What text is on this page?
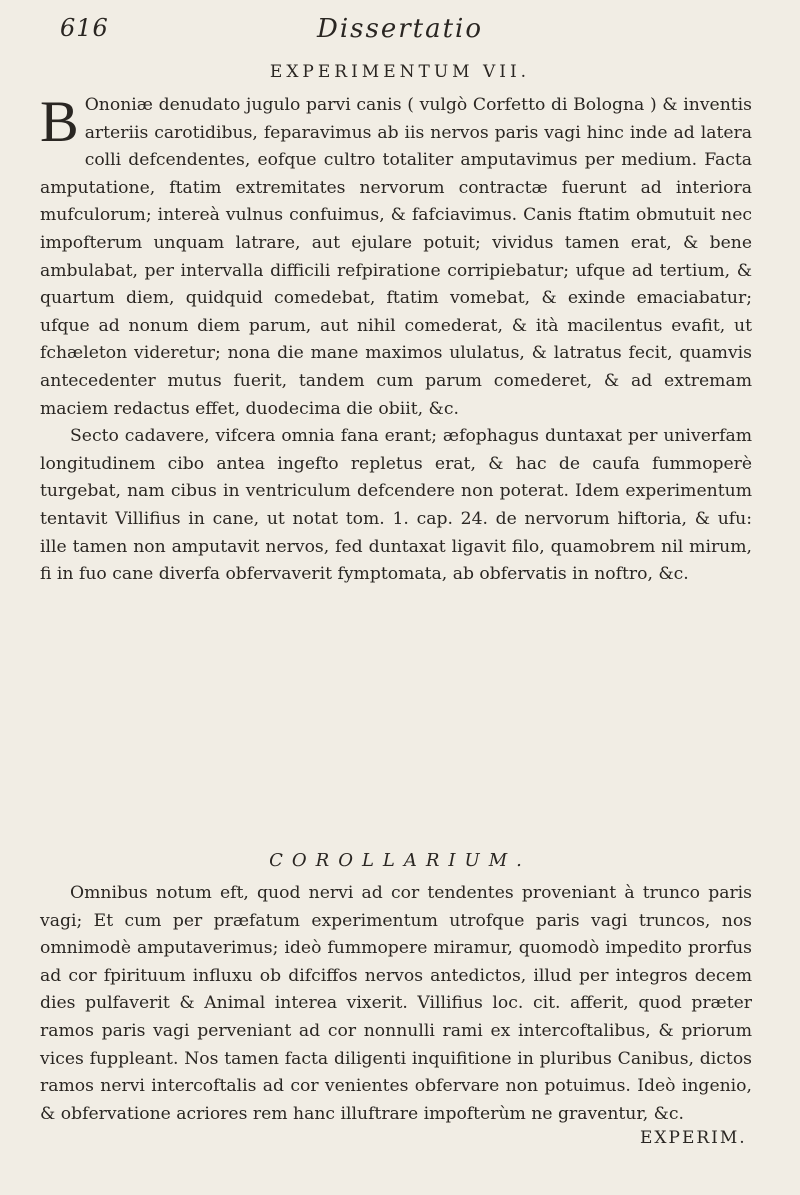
616	Dissertatio
EXPERIMENTUM VII.

B Ononiæ denudato jugulo parvi canis ( vulgò Corfetto di Bologna ) & inventis arteriis carotidibus, feparavimus ab iis nervos paris vagi hinc inde ad latera colli defcendentes, eofque cultro totaliter amputavimus per medium. Facta amputatione, ftatim extremitates nervorum contractæ fuerunt ad interiora mufculorum; intereà vulnus confuimus, & fafciavimus. Canis ftatim obmutuit nec impofterum unquam latrare, aut ejulare potuit; vividus tamen erat, & bene ambulabat, per intervalla difficili refpiratione corripiebatur; ufque ad tertium, & quartum diem, quidquid comedebat, ftatim vomebat, & exinde emaciabatur; ufque ad nonum diem parum, aut nihil comederat, & ità macilentus evafit, ut fchæleton videretur; nona die mane maximos ululatus, & latratus fecit, quamvis antecedenter mutus fuerit, tandem cum parum comederet, & ad extremam maciem redactus effet, duodecima die obiit, &c.

Secto cadavere, vifcera omnia fana erant; æfophagus duntaxat per univerfam longitudinem cibo antea ingefto repletus erat, & hac de caufa fummoperè turgebat, nam cibus in ventriculum defcendere non poterat. Idem experimentum tentavit Villifius in cane, ut notat tom. 1. cap. 24. de nervorum hiftoria, & ufu: ille tamen non amputavit nervos, fed duntaxat ligavit filo, quamobrem nil mirum, fi in fuo cane diverfa obfervaverit fymptomata, ab obfervatis in noftro, &c.

COROLLARIUM.

Omnibus notum eft, quod nervi ad cor tendentes proveniant à trunco paris vagi; Et cum per præfatum experimentum utrofque paris vagi truncos, nos omnimodè amputaverimus; ideò fummopere miramur, quomodò impedito prorfus ad cor fpirituum influxu ob difciffos nervos antedictos, illud per integros decem dies pulfaverit & Animal interea vixerit. Villifius loc. cit. afferit, quod præter ramos paris vagi perveniant ad cor nonnulli rami ex intercoftalibus, & priorum vices fuppleant. Nos tamen facta diligenti inquifitione in pluribus Canibus, dictos ramos nervi intercoftalis ad cor venientes obfervare non potuimus. Ideò ingenio, & obfervatione acriores rem hanc illuftrare impofterùm ne graventur, &c.

EXPERIM.
